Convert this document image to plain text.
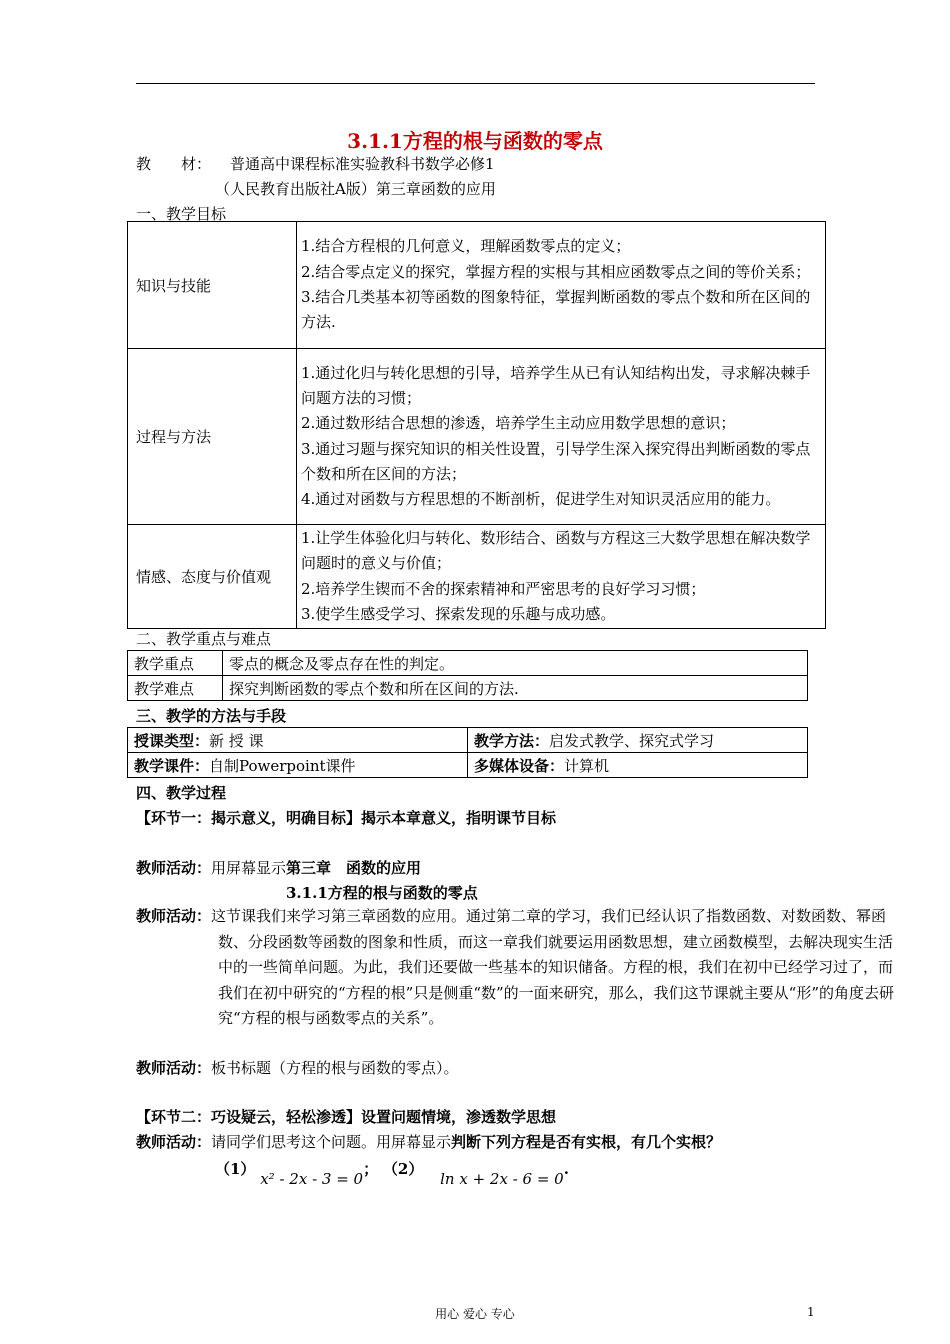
3.1.1方程的根与函数的零点
教　　材： 普通高中课程标准实验教科书数学必修1
（人民教育出版社A版）第三章函数的应用
一、教学目标
知识与技能	1.结合方程根的几何意义，理解函数零点的定义；
2.结合零点定义的探究，掌握方程的实根与其相应函数零点之间的等价关系；
3.结合几类基本初等函数的图象特征，掌握判断函数的零点个数和所在区间的方法.

过程与方法	1.通过化归与转化思想的引导，培养学生从已有认知结构出发，寻求解决棘手问题方法的习惯；
2.通过数形结合思想的渗透，培养学生主动应用数学思想的意识；
3.通过习题与探究知识的相关性设置，引导学生深入探究得出判断函数的零点个数和所在区间的方法；
4.通过对函数与方程思想的不断剖析，促进学生对知识灵活应用的能力。

情感、态度与价值观	1.让学生体验化归与转化、数形结合、函数与方程这三大数学思想在解决数学问题时的意义与价值；
2.培养学生锲而不舍的探索精神和严密思考的良好学习习惯；
3.使学生感受学习、探索发现的乐趣与成功感。
二、教学重点与难点
教学重点	零点的概念及零点存在性的判定。
教学难点	探究判断函数的零点个数和所在区间的方法.
三、教学的方法与手段
授课类型：新 授 课	教学方法：启发式教学、探究式学习
教学课件：自制Powerpoint课件	多媒体设备：计算机
四、教学过程
【环节一：揭示意义，明确目标】揭示本章意义，指明课节目标
教师活动：用屏幕显示第三章　函数的应用
3.1.1方程的根与函数的零点
教师活动：这节课我们来学习第三章函数的应用。通过第二章的学习，我们已经认识了指数函数、对数函数、幂函数、分段函数等函数的图象和性质，而这一章我们就要运用函数思想，建立函数模型，去解决现实生活中的一些简单问题。为此，我们还要做一些基本的知识储备。方程的根，我们在初中已经学习过了，而我们在初中研究的“方程的根”只是侧重“数”的一面来研究，那么，我们这节课就主要从“形”的角度去研究“方程的根与函数零点的关系”。
教师活动：板书标题（方程的根与函数的零点）。
【环节二：巧设疑云，轻松渗透】设置问题情境，渗透数学思想
教师活动：请同学们思考这个问题。用屏幕显示判断下列方程是否有实根，有几个实根？
（1） x² - 2x - 3 = 0； （2） ln x + 2x - 6 = 0.
用心 爱心 专心	1
